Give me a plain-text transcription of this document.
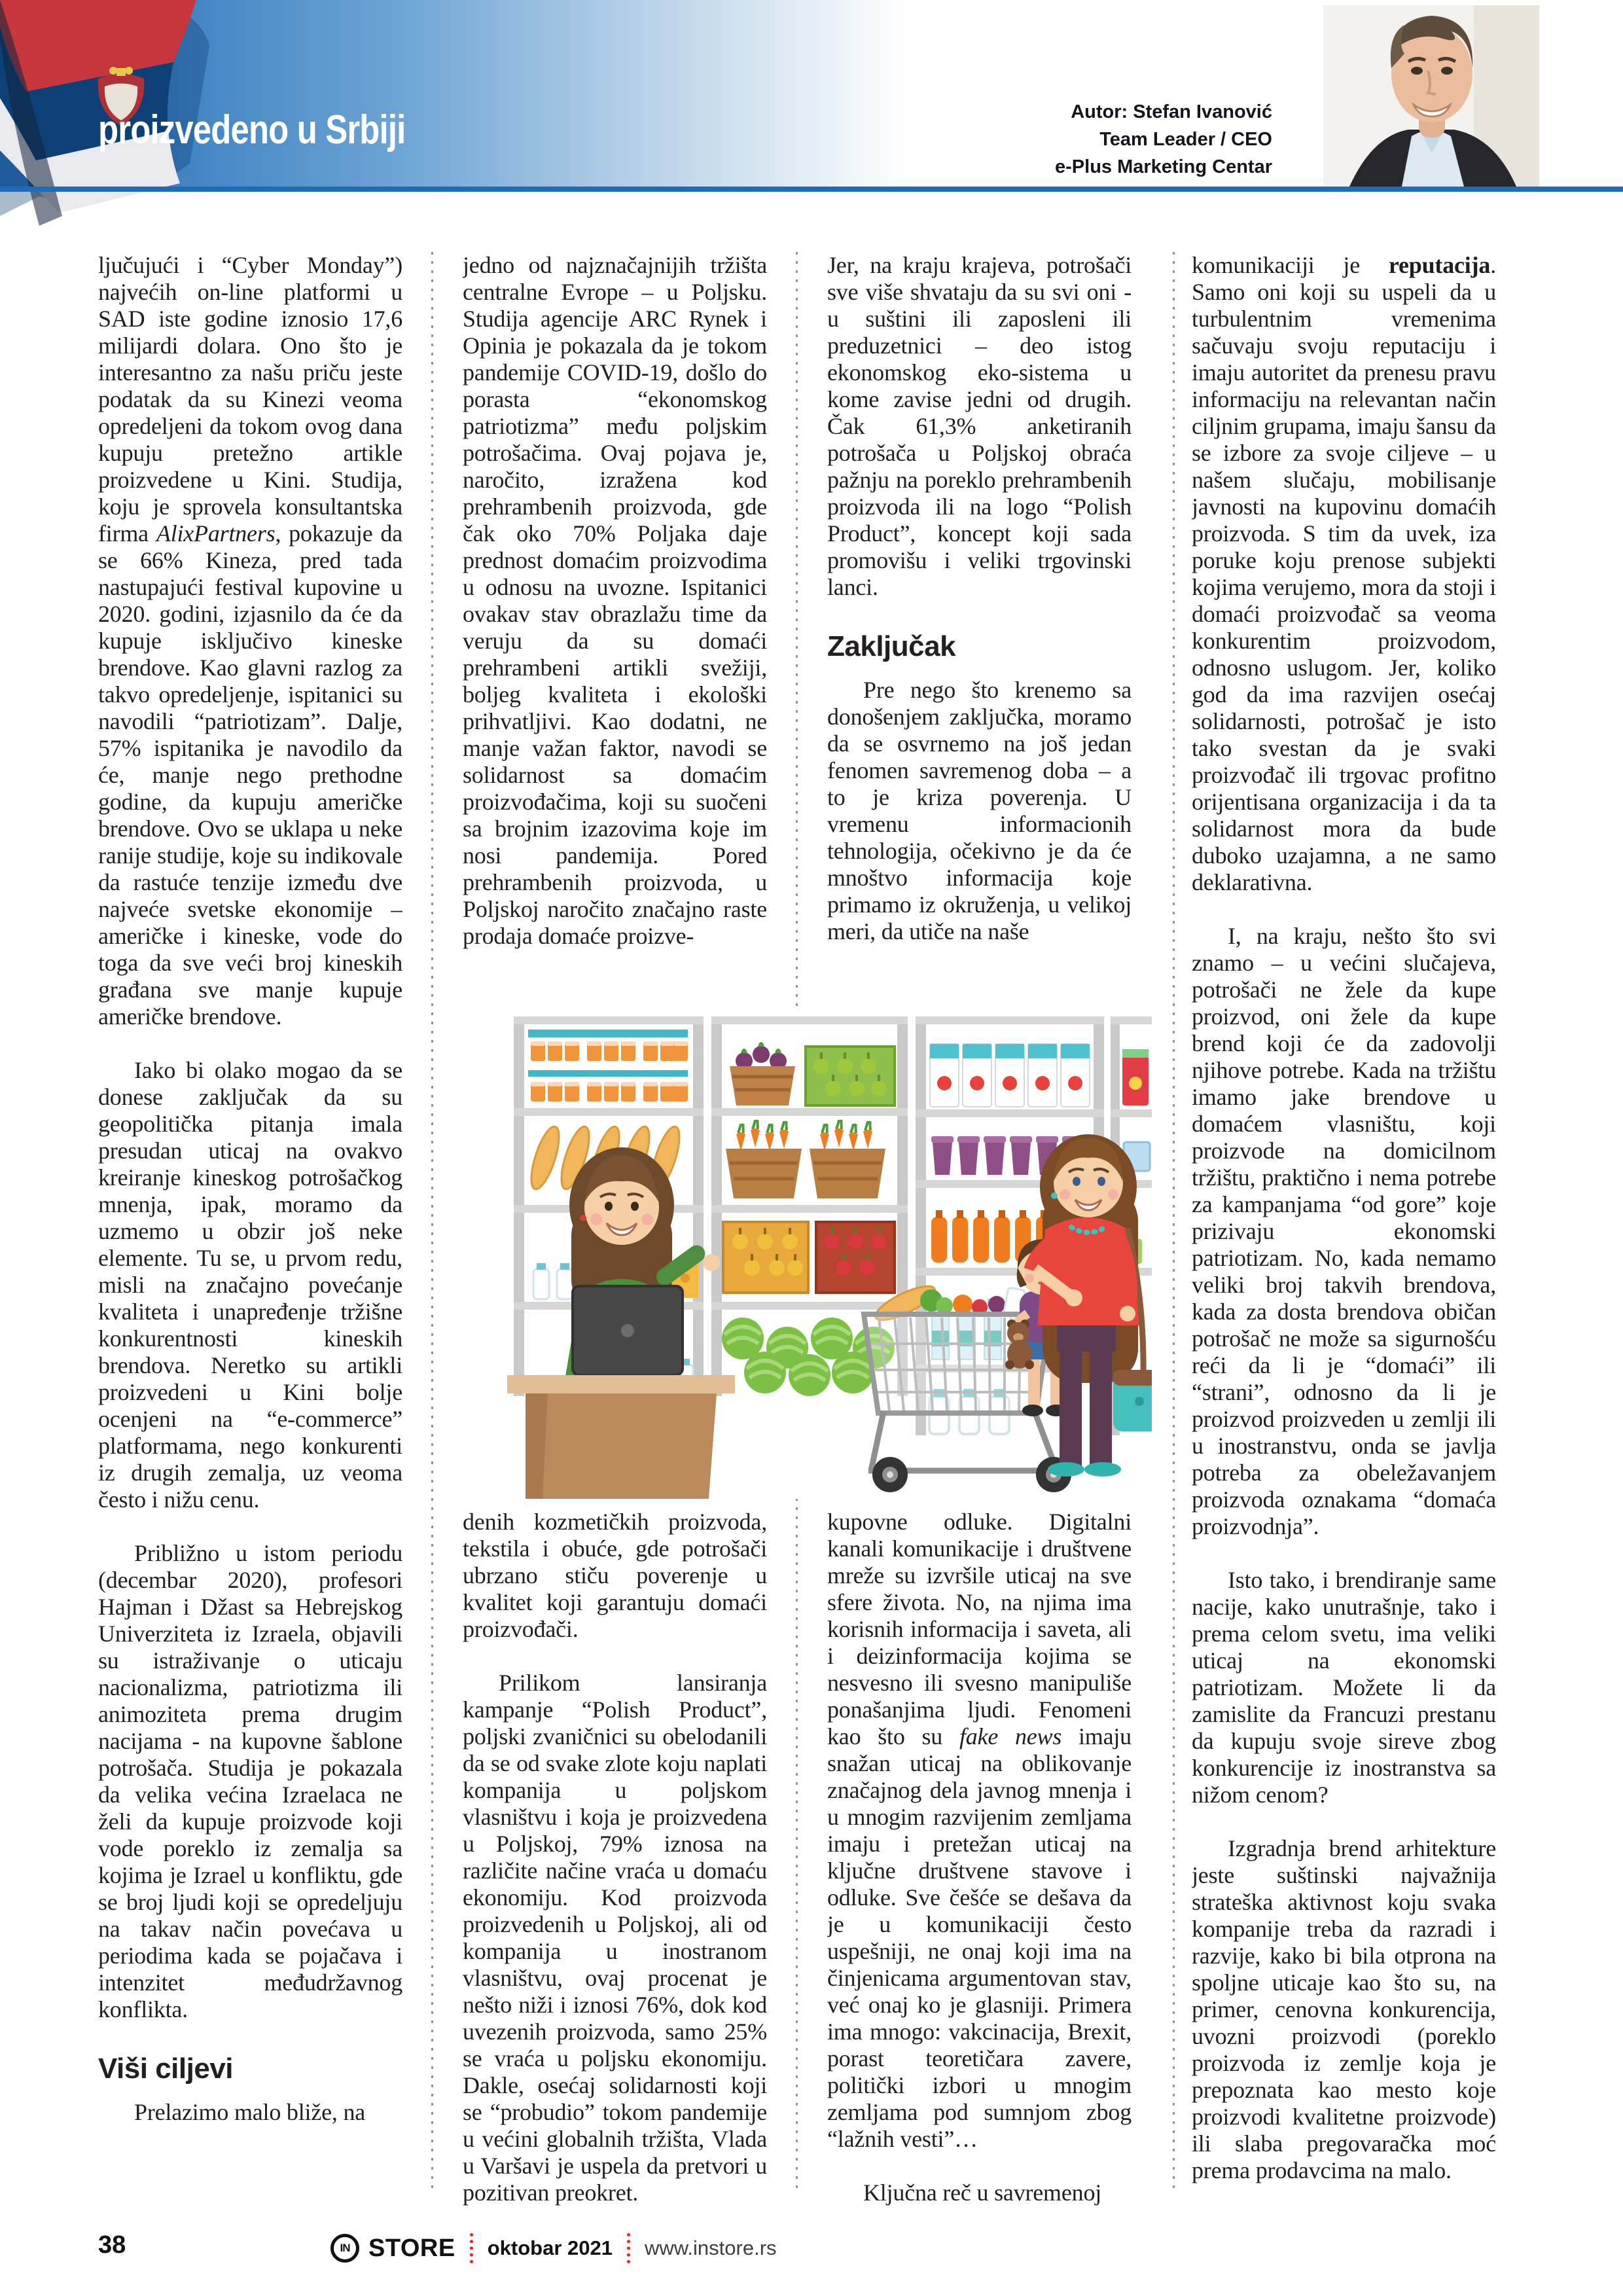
proizvedeno u Srbiji	Autor: Stefan Ivanović
Team Leader / CEO
e-Plus Marketing Centar

ljučujući i “Cyber Monday”) najvećih on-line platformi u SAD iste godine iznosio 17,6 milijardi dolara. Ono što je interesantno za našu priču jeste podatak da su Kinezi veoma opredeljeni da tokom ovog dana kupuju pretežno artikle proizvedene u Kini. Studija, koju je sprovela konsultantska firma AlixPartners, pokazuje da se 66% Kineza, pred tada nastupajući festival kupovine u 2020. godini, izjasnilo da će da kupuje isključivo kineske brendove. Kao glavni razlog za takvo opredeljenje, ispitanici su navodili “patriotizam”. Dalje, 57% ispitanika je navodilo da će, manje nego prethodne godine, da kupuju američke brendove. Ovo se uklapa u neke ranije studije, koje su indikovale da rastuće tenzije između dve najveće svetske ekonomije – američke i kineske, vode do toga da sve veći broj kineskih građana sve manje kupuje američke brendove.

Iako bi olako mogao da se donese zaključak da su geopolitička pitanja imala presudan uticaj na ovakvo kreiranje kineskog potrošačkog mnenja, ipak, moramo da uzmemo u obzir još neke elemente. Tu se, u prvom redu, misli na značajno povećanje kvaliteta i unapređenje tržišne konkurentnosti kineskih brendova. Neretko su artikli proizvedeni u Kini bolje ocenjeni na “e-commerce” platformama, nego konkurenti iz drugih zemalja, uz veoma često i nižu cenu.

Približno u istom periodu (decembar 2020), profesori Hajman i Džast sa Hebrejskog Univerziteta iz Izraela, objavili su istraživanje o uticaju nacionalizma, patriotizma ili animoziteta prema drugim nacijama - na kupovne šablone potrošača. Studija je pokazala da velika većina Izraelaca ne želi da kupuje proizvode koji vode poreklo iz zemalja sa kojima je Izrael u konfliktu, gde se broj ljudi koji se opredeljuju na takav način povećava u periodima kada se pojačava i intenzitet međudržavnog konflikta.

Viši ciljevi

Prelazimo malo bliže, na

jedno od najznačajnijih tržišta centralne Evrope – u Poljsku. Studija agencije ARC Rynek i Opinia je pokazala da je tokom pandemije COVID-19, došlo do porasta “ekonomskog patriotizma” među poljskim potrošačima. Ovaj pojava je, naročito, izražena kod prehrambenih proizvoda, gde čak oko 70% Poljaka daje prednost domaćim proizvodima u odnosu na uvozne. Ispitanici ovakav stav obrazlažu time da veruju da su domaći prehrambeni artikli svežiji, boljeg kvaliteta i ekološki prihvatljivi. Kao dodatni, ne manje važan faktor, navodi se solidarnost sa domaćim proizvođačima, koji su suočeni sa brojnim izazovima koje im nosi pandemija. Pored prehrambenih proizvoda, u Poljskoj naročito značajno raste prodaja domaće proizve-

Jer, na kraju krajeva, potrošači sve više shvataju da su svi oni - u suštini ili zaposleni ili preduzetnici – deo istog ekonomskog eko-sistema u kome zavise jedni od drugih. Čak 61,3% anketiranih potrošača u Poljskoj obraća pažnju na poreklo prehrambenih proizvoda ili na logo “Polish Product”, koncept koji sada promovišu i veliki trgovinski lanci.

Zaključak

Pre nego što krenemo sa donošenjem zaključka, moramo da se osvrnemo na još jedan fenomen savremenog doba – a to je kriza poverenja. U vremenu informacionih tehnologija, očekivno je da će mnoštvo informacija koje primamo iz okruženja, u velikoj meri, da utiče na naše

denih kozmetičkih proizvoda, tekstila i obuće, gde potrošači ubrzano stiču poverenje u kvalitet koji garantuju domaći proizvođači.

Prilikom lansiranja kampanje “Polish Product”, poljski zvaničnici su obelodanili da se od svake zlote koju naplati kompanija u poljskom vlasništvu i koja je proizvedena u Poljskoj, 79% iznosa na različite načine vraća u domaću ekonomiju. Kod proizvoda proizvedenih u Poljskoj, ali od kompanija u inostranom vlasništvu, ovaj procenat je nešto niži i iznosi 76%, dok kod uvezenih proizvoda, samo 25% se vraća u poljsku ekonomiju. Dakle, osećaj solidarnosti koji se “probudio” tokom pandemije u većini globalnih tržišta, Vlada u Varšavi je uspela da pretvori u pozitivan preokret.

kupovne odluke. Digitalni kanali komunikacije i društvene mreže su izvršile uticaj na sve sfere života. No, na njima ima korisnih informacija i saveta, ali i deizinformacija kojima se nesvesno ili svesno manipuliše ponašanjima ljudi. Fenomeni kao što su fake news imaju snažan uticaj na oblikovanje značajnog dela javnog mnenja i u mnogim razvijenim zemljama imaju i pretežan uticaj na ključne društvene stavove i odluke. Sve češće se dešava da je u komunikaciji često uspešniji, ne onaj koji ima na činjenicama argumentovan stav, već onaj ko je glasniji. Primera ima mnogo: vakcinacija, Brexit, porast teoretičara zavere, politički izbori u mnogim zemljama pod sumnjom zbog “lažnih vesti”…

Ključna reč u savremenoj

komunikaciji je reputacija. Samo oni koji su uspeli da u turbulentnim vremenima sačuvaju svoju reputaciju i imaju autoritet da prenesu pravu informaciju na relevantan način ciljnim grupama, imaju šansu da se izbore za svoje ciljeve – u našem slučaju, mobilisanje javnosti na kupovinu domaćih proizvoda. S tim da uvek, iza poruke koju prenose subjekti kojima verujemo, mora da stoji i domaći proizvođač sa veoma konkurentim proizvodom, odnosno uslugom. Jer, koliko god da ima razvijen osećaj solidarnosti, potrošač je isto tako svestan da je svaki proizvođač ili trgovac profitno orijentisana organizacija i da ta solidarnost mora da bude duboko uzajamna, a ne samo deklarativna.

I, na kraju, nešto što svi znamo – u većini slučajeva, potrošači ne žele da kupe proizvod, oni žele da kupe brend koji će da zadovolji njihove potrebe. Kada na tržištu imamo jake brendove u domaćem vlasništu, koji proizvode na domicilnom tržištu, praktično i nema potrebe za kampanjama “od gore” koje prizivaju ekonomski patriotizam. No, kada nemamo veliki broj takvih brendova, kada za dosta brendova običan potrošač ne može sa sigurnošću reći da li je “domaći” ili “strani”, odnosno da li je proizvod proizveden u zemlji ili u inostranstvu, onda se javlja potreba za obeležavanjem proizvoda oznakama “domaća proizvodnja”.

Isto tako, i brendiranje same nacije, kako unutrašnje, tako i prema celom svetu, ima veliki uticaj na ekonomski patriotizam. Možete li da zamislite da Francuzi prestanu da kupuju svoje sireve zbog konkurencije iz inostranstva sa nižom cenom?

Izgradnja brend arhitekture jeste suštinski najvažnija strateška aktivnost koju svaka kompanije treba da razradi i razvije, kako bi bila otprona na spoljne uticaje kao što su, na primer, cenovna konkurencija, uvozni proizvodi (poreklo proizvoda iz zemlje koja je prepoznata kao mesto koje proizvodi kvalitetne proizvode) ili slaba pregovaračka moć prema prodavcima na malo.

38	IN STORE oktobar 2021 www.instore.rs
